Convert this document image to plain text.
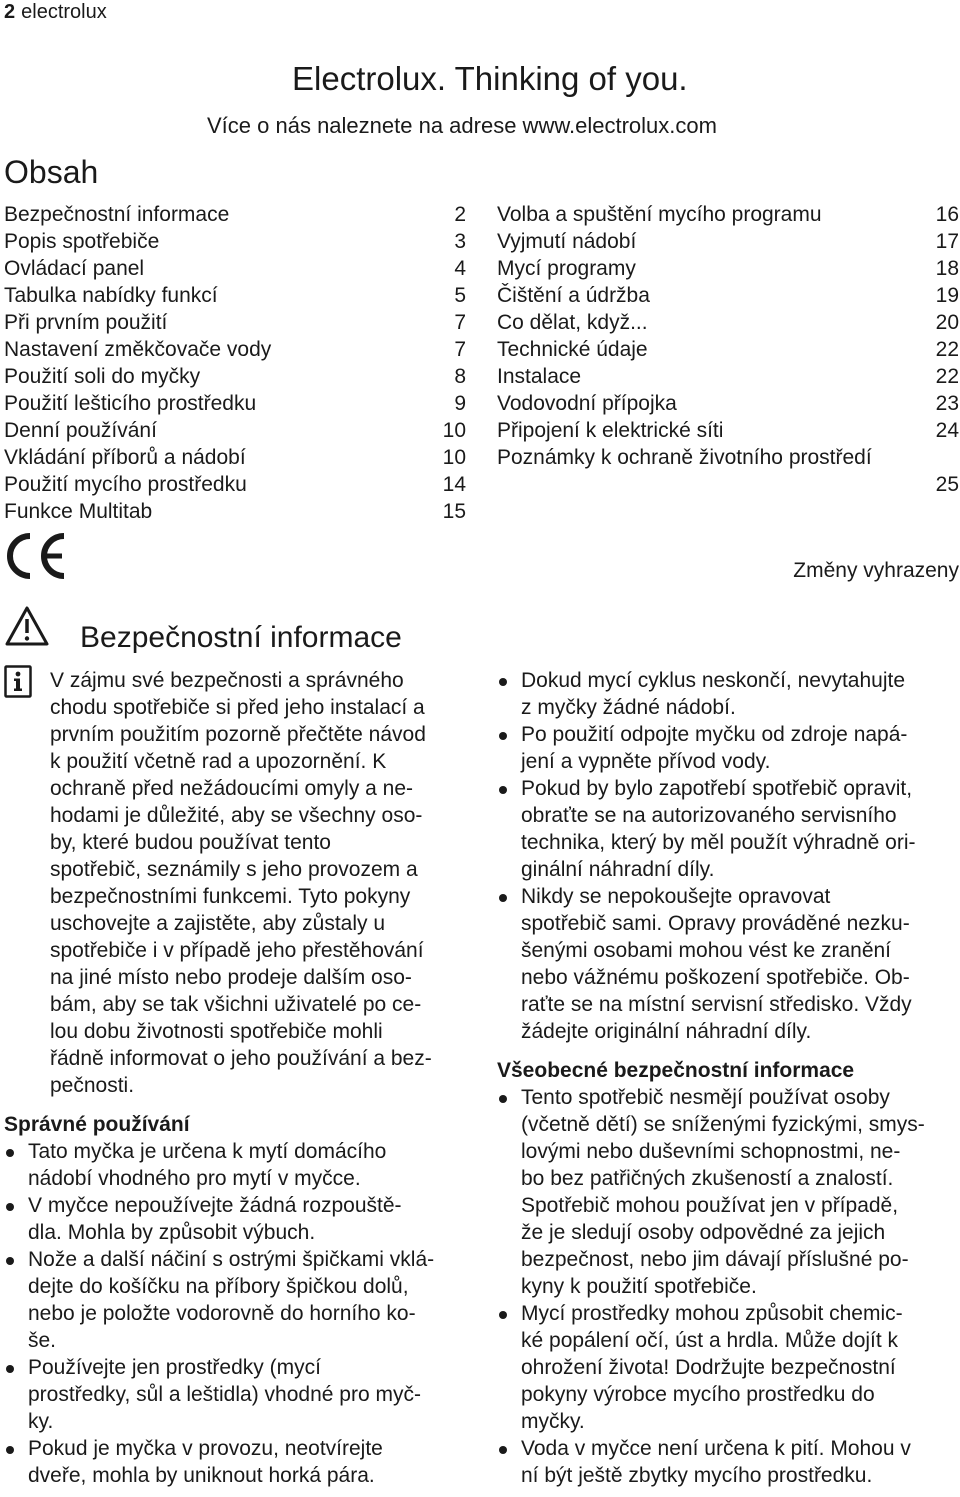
2 electrolux
Electrolux. Thinking of you.
Více o nás naleznete na adrese www.electrolux.com
Obsah
Bezpečnostní informace	2
Popis spotřebiče	3
Ovládací panel	4
Tabulka nabídky funkcí	5
Při prvním použití	7
Nastavení změkčovače vody	7
Použití soli do myčky	8
Použití lešticího prostředku	9
Denní používání	10
Vkládání příborů a nádobí	10
Použití mycího prostředku	14
Funkce Multitab	15
Volba a spuštění mycího programu	16
Vyjmutí nádobí	17
Mycí programy	18
Čištění a údržba	19
Co dělat, když...	20
Technické údaje	22
Instalace	22
Vodovodní přípojka	23
Připojení k elektrické síti	24
Poznámky k ochraně životního prostředí
25
Změny vyhrazeny
Bezpečnostní informace
V zájmu své bezpečnosti a správného
chodu spotřebiče si před jeho instalací a
prvním použitím pozorně přečtěte návod
k použití včetně rad a upozornění. K
ochraně před nežádoucími omyly a ne-
hodami je důležité, aby se všechny oso-
by, které budou používat tento
spotřebič, seznámily s jeho provozem a
bezpečnostními funkcemi. Tyto pokyny
uschovejte a zajistěte, aby zůstaly u
spotřebiče i v případě jeho přestěhování
na jiné místo nebo prodeje dalším oso-
bám, aby se tak všichni uživatelé po ce-
lou dobu životnosti spotřebiče mohli
řádně informovat o jeho používání a bez-
pečnosti.
Správné používání
Tato myčka je určena k mytí domácího
nádobí vhodného pro mytí v myčce.
V myčce nepoužívejte žádná rozpouště-
dla. Mohla by způsobit výbuch.
Nože a další náčiní s ostrými špičkami vklá-
dejte do košíčku na příbory špičkou dolů,
nebo je položte vodorovně do horního ko-
še.
Používejte jen prostředky (mycí
prostředky, sůl a leštidla) vhodné pro myč-
ky.
Pokud je myčka v provozu, neotvírejte
dveře, mohla by uniknout horká pára.
Dokud mycí cyklus neskončí, nevytahujte
z myčky žádné nádobí.
Po použití odpojte myčku od zdroje napá-
jení a vypněte přívod vody.
Pokud by bylo zapotřebí spotřebič opravit,
obraťte se na autorizovaného servisního
technika, který by měl použít výhradně ori-
ginální náhradní díly.
Nikdy se nepokoušejte opravovat
spotřebič sami. Opravy prováděné nezku-
šenými osobami mohou vést ke zranění
nebo vážnému poškození spotřebiče. Ob-
raťte se na místní servisní středisko. Vždy
žádejte originální náhradní díly.
Všeobecné bezpečnostní informace
Tento spotřebič nesmějí používat osoby
(včetně dětí) se sníženými fyzickými, smys-
lovými nebo duševními schopnostmi, ne-
bo bez patřičných zkušeností a znalostí.
Spotřebič mohou používat jen v případě,
že je sledují osoby odpovědné za jejich
bezpečnost, nebo jim dávají příslušné po-
kyny k použití spotřebiče.
Mycí prostředky mohou způsobit chemic-
ké popálení očí, úst a hrdla. Může dojít k
ohrožení života! Dodržujte bezpečnostní
pokyny výrobce mycího prostředku do
myčky.
Voda v myčce není určena k pití. Mohou v
ní být ještě zbytky mycího prostředku.
